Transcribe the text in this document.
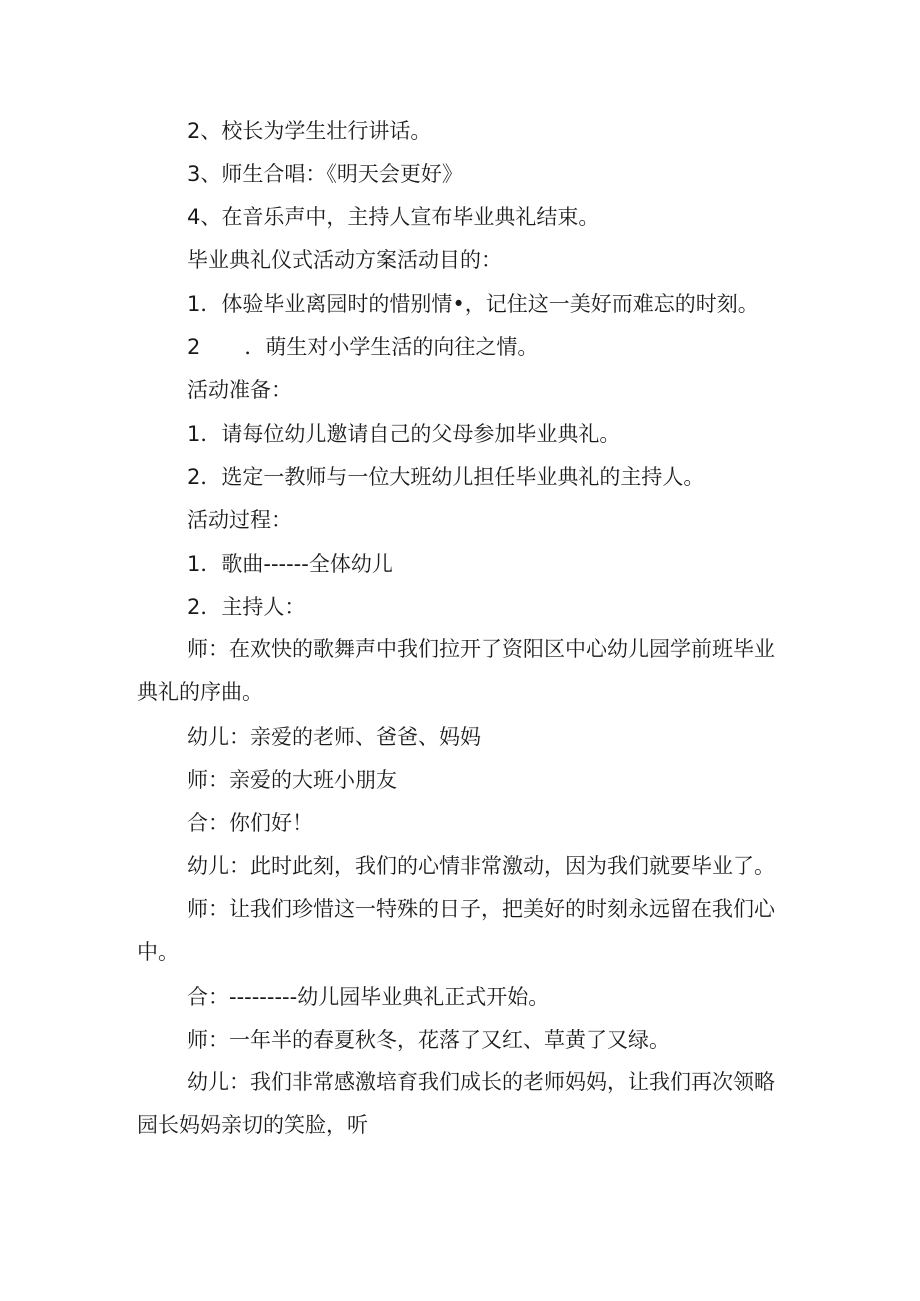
2、校长为学生壮行讲话。

3、师生合唱：《明天会更好》

4、在音乐声中，主持人宣布毕业典礼结束。

毕业典礼仪式活动方案活动目的：

1．体验毕业离园时的惜别情•，记住这一美好而难忘的时刻。

2 ．萌生对小学生活的向往之情。

活动准备：

1．请每位幼儿邀请自己的父母参加毕业典礼。

2．选定一教师与一位大班幼儿担任毕业典礼的主持人。

活动过程：

1．歌曲------全体幼儿

2．主持人：

师：在欢快的歌舞声中我们拉开了资阳区中心幼儿园学前班毕业典礼的序曲。

幼儿：亲爱的老师、爸爸、妈妈

师：亲爱的大班小朋友

合：你们好！

幼儿：此时此刻，我们的心情非常激动，因为我们就要毕业了。

师：让我们珍惜这一特殊的日子，把美好的时刻永远留在我们心中。

合：---------幼儿园毕业典礼正式开始。

师：一年半的春夏秋冬，花落了又红、草黄了又绿。

幼儿：我们非常感激培育我们成长的老师妈妈，让我们再次领略园长妈妈亲切的笑脸，听
